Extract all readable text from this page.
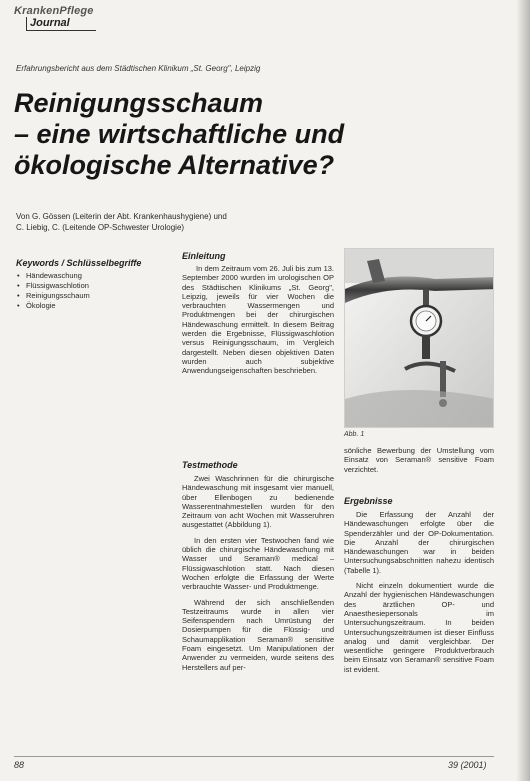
KrankenPflege
Journal
Erfahrungsbericht aus dem Städtischen Klinikum „St. Georg", Leipzig
Reinigungsschaum
– eine wirtschaftliche und
ökologische Alternative?
Von G. Gössen (Leiterin der Abt. Krankenhaushygiene) und
C. Liebig, C. (Leitende OP-Schwester Urologie)
Keywords / Schlüsselbegriffe
• Händewaschung
• Flüssigwaschlotion
• Reinigungsschaum
• Ökologie
Einleitung

In dem Zeitraum vom 26. Juli bis zum 13. September 2000 wurden im urologischen OP des Städtischen Klinikums „St. Georg", Leipzig, jeweils für vier Wochen die verbrauchten Wassermengen und Produktmengen bei der chirurgischen Händewaschung ermittelt. In diesem Beitrag werden die Ergebnisse, Flüssigwaschlotion versus Reinigungsschaum, im Vergleich dargestellt. Neben diesen objektiven Daten wurden auch subjektive Anwendungseigenschaften beschrieben.

Testmethode

Zwei Waschrinnen für die chirurgische Händewaschung mit insgesamt vier manuell, über Ellenbogen zu bedienende Wasserentnahmestellen wurden für den Zeitraum von acht Wochen mit Wasseruhren ausgestattet (Abbildung 1).

In den ersten vier Testwochen fand wie üblich die chirurgische Händewaschung mit Wasser und Seraman® medical – Flüssigwaschlotion statt. Nach diesen Wochen erfolgte die Erfassung der Werte verbrauchte Wasser- und Produktmenge.

Während der sich anschließenden Testzeitraums wurde in allen vier Seifenspendern nach Umrüstung der Dosierpumpen für die Flüssig- und Schaumapplikation Seraman® sensitive Foam eingesetzt. Um Manipulationen der Anwender zu vermeiden, wurde seitens des Herstellers auf per-

Abb. 1

sönliche Bewerbung der Umstellung vom Einsatz von Seraman® sensitive Foam verzichtet.

Ergebnisse

Die Erfassung der Anzahl der Händewaschungen erfolgte über die Spenderzähler und der OP-Dokumentation. Die Anzahl der chirurgischen Händewaschungen war in beiden Untersuchungsabschnitten nahezu identisch (Tabelle 1).

Nicht einzeln dokumentiert wurde die Anzahl der hygienischen Händewaschungen des ärztlichen OP- und Anaesthesiepersonals im Untersuchungszeitraum. In beiden Untersuchungszeiträumen ist dieser Einfluss analog und damit vergleichbar. Der wesentliche geringere Produktverbrauch beim Einsatz von Seraman® sensitive Foam ist evident.

88	39 (2001)
